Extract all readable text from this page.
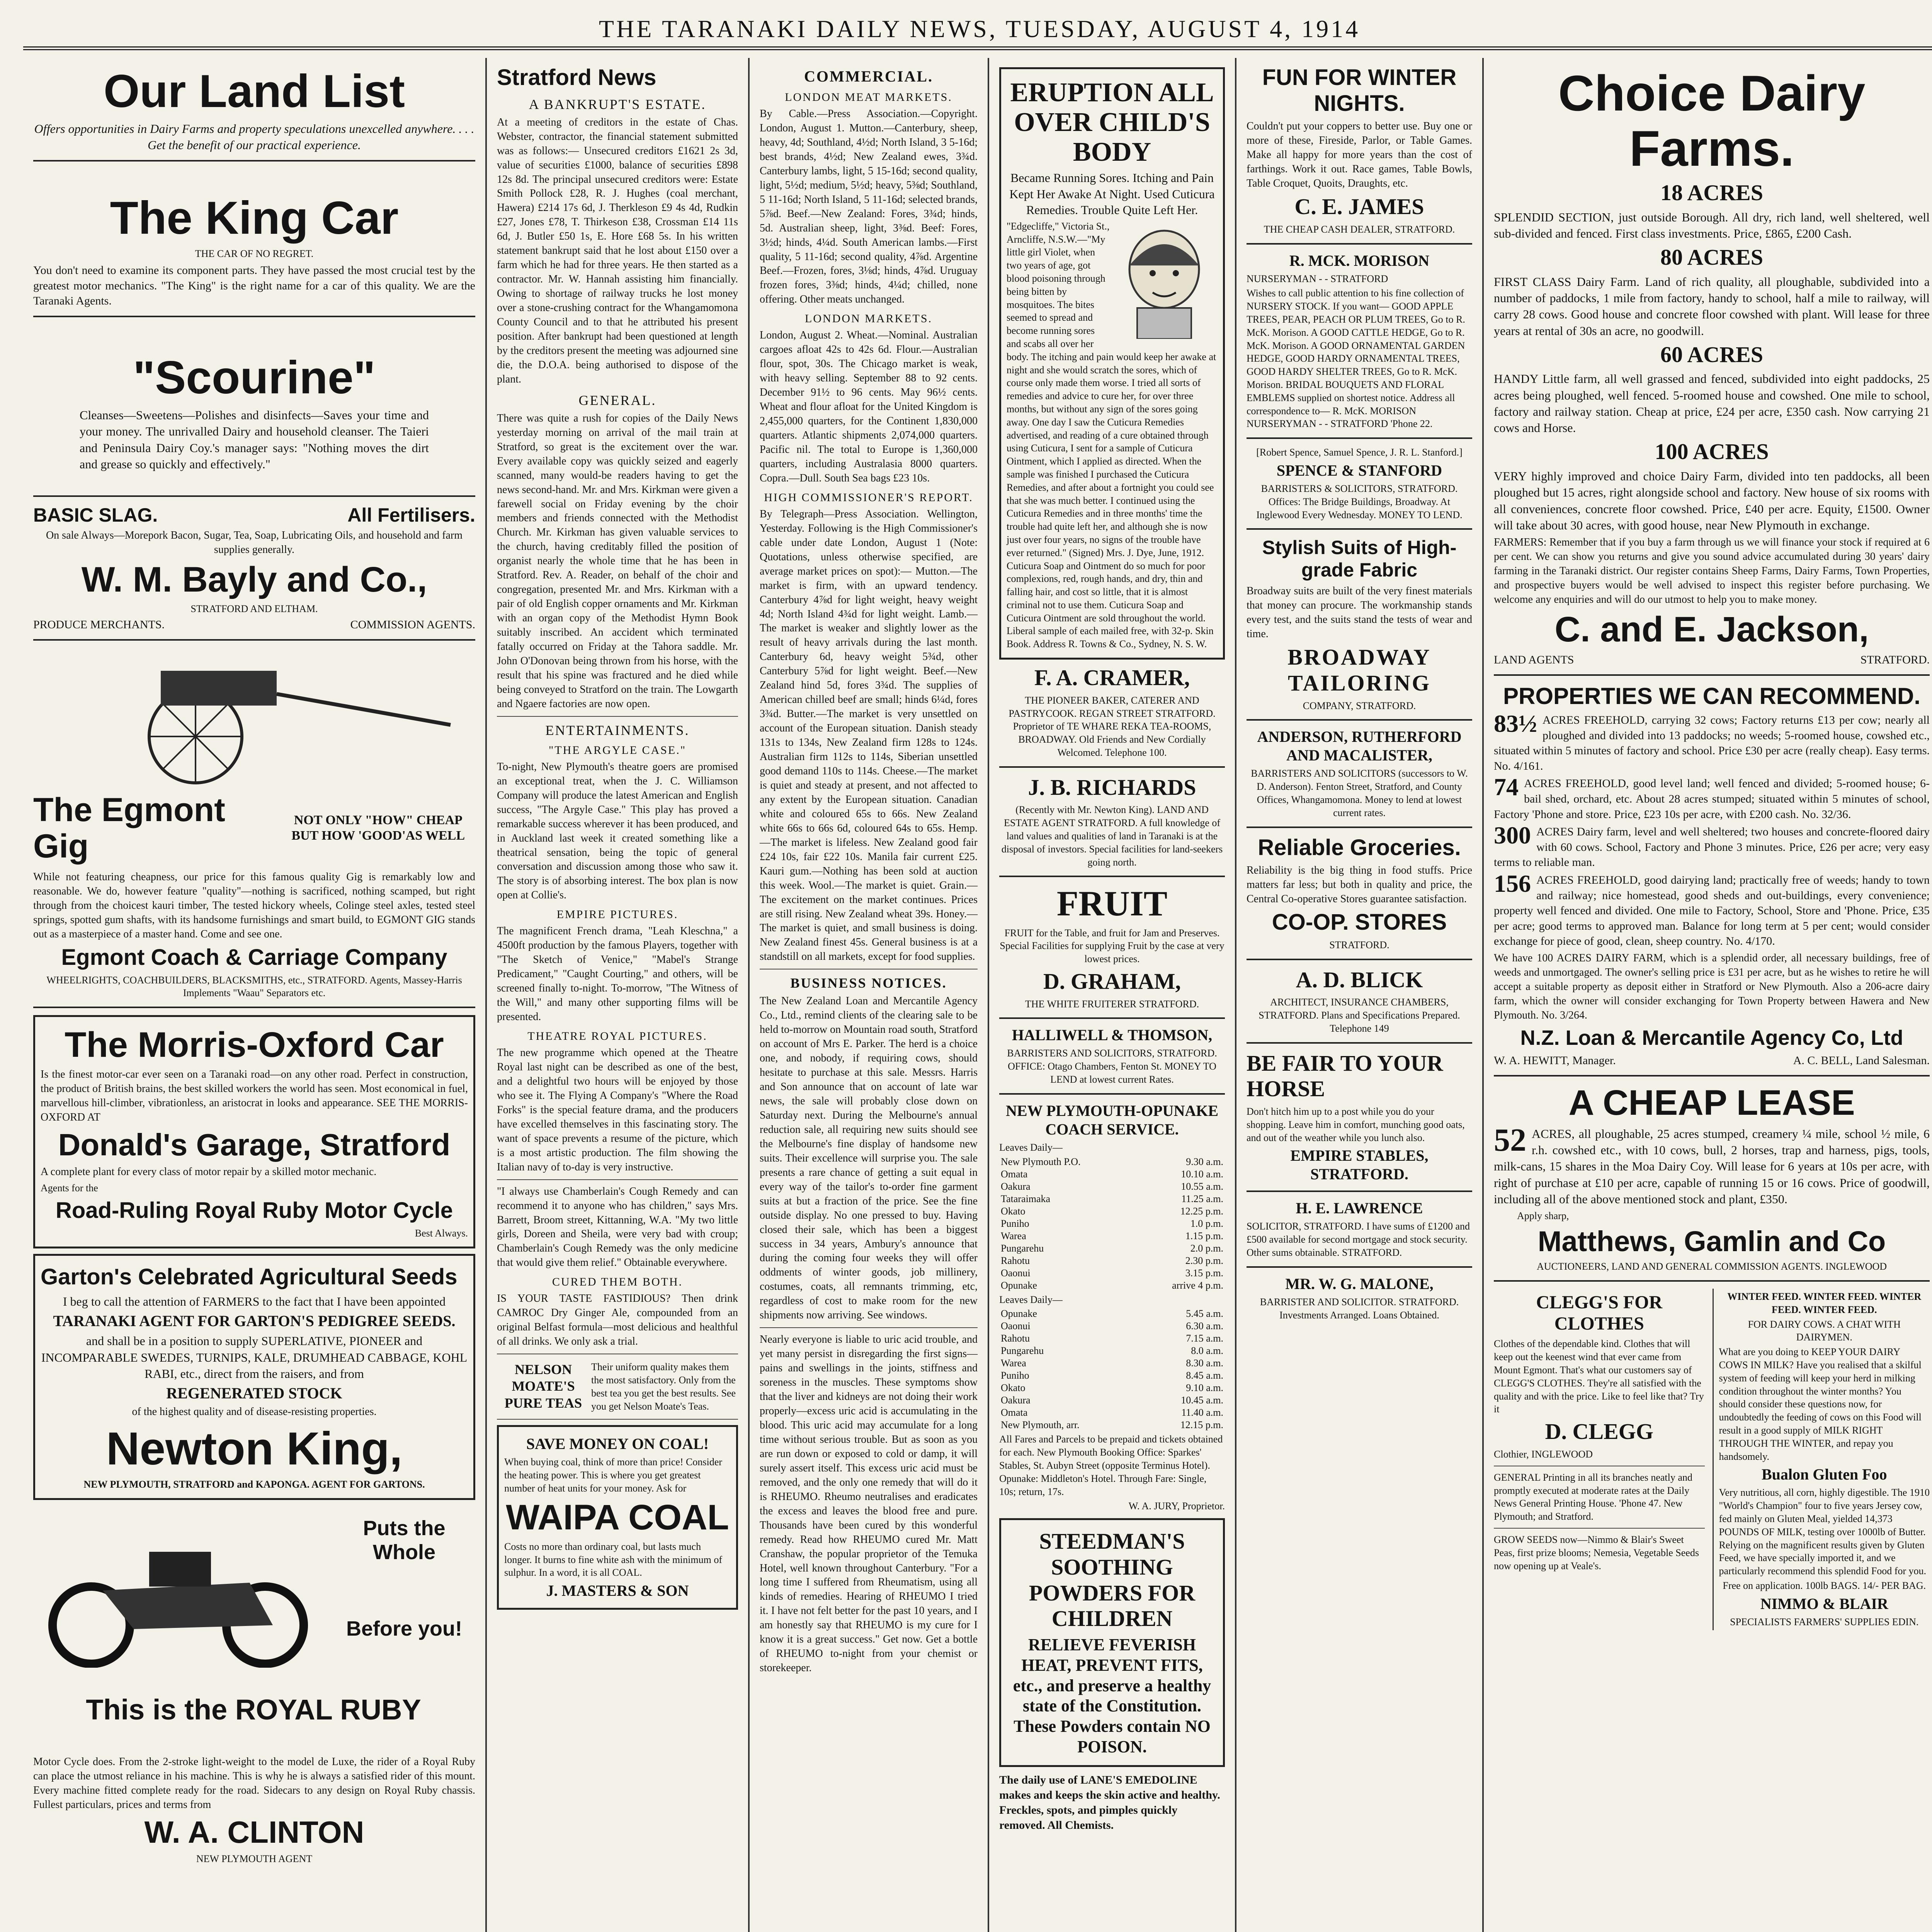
THE TARANAKI DAILY NEWS, TUESDAY, AUGUST 4, 1914
Our Land List
Offers opportunities in Dairy Farms and property speculations unexcelled anywhere. . . . Get the benefit of our practical experience.
The King Car
THE CAR OF NO REGRET.
You don't need to examine its component parts. They have passed the most crucial test by the greatest motor mechanics. "The King" is the right name for a car of this quality. We are the Taranaki Agents.
"Scourine"
Cleanses—Sweetens—Polishes and disinfects—Saves your time and your money. The unrivalled Dairy and household cleanser. The Taieri and Peninsula Dairy Coy.'s manager says: "Nothing moves the dirt and grease so quickly and effectively."
BASIC SLAG.	All Fertilisers.
On sale Always—Morepork Bacon, Sugar, Tea, Soap, Lubricating Oils, and household and farm supplies generally.
W. M. Bayly and Co.,
STRATFORD AND ELTHAM.
PRODUCE MERCHANTS.	COMMISSION AGENTS.
The Egmont Gig
NOT ONLY "HOW" CHEAP BUT HOW 'GOOD'AS WELL
While not featuring cheapness, our price for this famous quality Gig is remarkably low and reasonable. We do, however feature "quality"—nothing is sacrificed, nothing scamped, but right through from the choicest kauri timber, The tested hickory wheels, Colinge steel axles, tested steel springs, spotted gum shafts, with its handsome furnishings and smart build, to EGMONT GIG stands out as a masterpiece of a master hand. Come and see one.
Egmont Coach & Carriage Company
WHEELRIGHTS, COACHBUILDERS, BLACKSMITHS, etc., STRATFORD. Agents, Massey-Harris Implements "Waau" Separators etc.
The Morris-Oxford Car
Is the finest motor-car ever seen on a Taranaki road—on any other road. Perfect in construction, the product of British brains, the best skilled workers the world has seen. Most economical in fuel, marvellous hill-climber, vibrationless, an aristocrat in looks and appearance. SEE THE MORRIS-OXFORD AT
Donald's Garage, Stratford
A complete plant for every class of motor repair by a skilled motor mechanic.
Agents for the
Road-Ruling Royal Ruby Motor Cycle
Best Always.
Garton's Celebrated Agricultural Seeds
I beg to call the attention of FARMERS to the fact that I have been appointed
TARANAKI AGENT FOR GARTON'S PEDIGREE SEEDS.
and shall be in a position to supply SUPERLATIVE, PIONEER and INCOMPARABLE SWEDES, TURNIPS, KALE, DRUMHEAD CABBAGE, KOHL RABI, etc., direct from the raisers, and from
REGENERATED STOCK
of the highest quality and of disease-resisting properties.
Newton King,
NEW PLYMOUTH, STRATFORD and KAPONGA. AGENT FOR GARTONS.
Puts the Whole
Before you!
This is the ROYAL RUBY
Motor Cycle does. From the 2-stroke light-weight to the model de Luxe, the rider of a Royal Ruby can place the utmost reliance in his machine. This is why he is always a satisfied rider of this mount. Every machine fitted complete ready for the road. Sidecars to any design on Royal Ruby chassis. Fullest particulars, prices and terms from
W. A. CLINTON
NEW PLYMOUTH AGENT
Stratford News
A BANKRUPT'S ESTATE.
At a meeting of creditors in the estate of Chas. Webster, contractor, the financial statement submitted was as follows:— Unsecured creditors £1621 2s 3d, value of securities £1000, balance of securities £898 12s 8d. The principal unsecured creditors were: Estate Smith Pollock £28, R. J. Hughes (coal merchant, Hawera) £214 17s 6d, J. Therkleson £9 4s 4d, Rudkin £27, Jones £78, T. Thirkeson £38, Crossman £14 11s 6d, J. Butler £50 1s, E. Hore £68 5s. In his written statement bankrupt said that he lost about £150 over a farm which he had for three years. He then started as a contractor. Mr. W. Hannah assisting him financially. Owing to shortage of railway trucks he lost money over a stone-crushing contract for the Whangamomona County Council and to that he attributed his present position. After bankrupt had been questioned at length by the creditors present the meeting was adjourned sine die, the D.O.A. being authorised to dispose of the plant.
GENERAL.
There was quite a rush for copies of the Daily News yesterday morning on arrival of the mail train at Stratford, so great is the excitement over the war. Every available copy was quickly seized and eagerly scanned, many would-be readers having to get the news second-hand. Mr. and Mrs. Kirkman were given a farewell social on Friday evening by the choir members and friends connected with the Methodist Church. Mr. Kirkman has given valuable services to the church, having creditably filled the position of organist nearly the whole time that he has been in Stratford. Rev. A. Reader, on behalf of the choir and congregation, presented Mr. and Mrs. Kirkman with a pair of old English copper ornaments and Mr. Kirkman with an organ copy of the Methodist Hymn Book suitably inscribed. An accident which terminated fatally occurred on Friday at the Tahora saddle. Mr. John O'Donovan being thrown from his horse, with the result that his spine was fractured and he died while being conveyed to Stratford on the train. The Lowgarth and Ngaere factories are now open.
ENTERTAINMENTS.
"THE ARGYLE CASE."
To-night, New Plymouth's theatre goers are promised an exceptional treat, when the J. C. Williamson Company will produce the latest American and English success, "The Argyle Case." This play has proved a remarkable success wherever it has been produced, and in Auckland last week it created something like a theatrical sensation, being the topic of general conversation and discussion among those who saw it. The story is of absorbing interest. The box plan is now open at Collie's.
EMPIRE PICTURES.
The magnificent French drama, "Leah Kleschna," a 4500ft production by the famous Players, together with "The Sketch of Venice," "Mabel's Strange Predicament," "Caught Courting," and others, will be screened finally to-night. To-morrow, "The Witness of the Will," and many other supporting films will be presented.
THEATRE ROYAL PICTURES.
The new programme which opened at the Theatre Royal last night can be described as one of the best, and a delightful two hours will be enjoyed by those who see it. The Flying A Company's "Where the Road Forks" is the special feature drama, and the producers have excelled themselves in this fascinating story. The want of space prevents a resume of the picture, which is a most artistic production. The film showing the Italian navy of to-day is very instructive.
"I always use Chamberlain's Cough Remedy and can recommend it to anyone who has children," says Mrs. Barrett, Broom street, Kittanning, W.A. "My two little girls, Doreen and Sheila, were very bad with croup; Chamberlain's Cough Remedy was the only medicine that would give them relief." Obtainable everywhere.
CURED THEM BOTH.
IS YOUR TASTE FASTIDIOUS? Then drink CAMROC Dry Ginger Ale, compounded from an original Belfast formula—most delicious and healthful of all drinks. We only ask a trial.
NELSON MOATE'S PURE TEAS
Their uniform quality makes them the most satisfactory. Only from the best tea you get the best results. See you get Nelson Moate's Teas.
SAVE MONEY ON COAL!
When buying coal, think of more than price! Consider the heating power. This is where you get greatest number of heat units for your money. Ask for
WAIPA COAL
Costs no more than ordinary coal, but lasts much longer. It burns to fine white ash with the minimum of sulphur. In a word, it is all COAL.
J. MASTERS & SON
COMMERCIAL.
LONDON MEAT MARKETS.
By Cable.—Press Association.—Copyright. London, August 1. Mutton.—Canterbury, sheep, heavy, 4d; Southland, 4½d; North Island, 3 5-16d; best brands, 4½d; New Zealand ewes, 3¾d. Canterbury lambs, light, 5 15-16d; second quality, light, 5½d; medium, 5½d; heavy, 5⅜d; Southland, 5 11-16d; North Island, 5 11-16d; selected brands, 5⅞d. Beef.—New Zealand: Fores, 3¾d; hinds, 5d. Australian sheep, light, 3⅜d. Beef: Fores, 3½d; hinds, 4¼d. South American lambs.—First quality, 5 11-16d; second quality, 4⅞d. Argentine Beef.—Frozen, fores, 3⅛d; hinds, 4⅞d. Uruguay frozen fores, 3⅜d; hinds, 4¼d; chilled, none offering. Other meats unchanged.
LONDON MARKETS.
London, August 2. Wheat.—Nominal. Australian cargoes afloat 42s to 42s 6d. Flour.—Australian flour, spot, 30s. The Chicago market is weak, with heavy selling. September 88 to 92 cents. December 91½ to 96 cents. May 96½ cents. Wheat and flour afloat for the United Kingdom is 2,455,000 quarters, for the Continent 1,830,000 quarters. Atlantic shipments 2,074,000 quarters. Pacific nil. The total to Europe is 1,360,000 quarters, including Australasia 8000 quarters. Copra.—Dull. South Sea bags £23 10s.
HIGH COMMISSIONER'S REPORT.
By Telegraph—Press Association. Wellington, Yesterday. Following is the High Commissioner's cable under date London, August 1 (Note: Quotations, unless otherwise specified, are average market prices on spot):— Mutton.—The market is firm, with an upward tendency. Canterbury 4⅞d for light weight, heavy weight 4d; North Island 4¾d for light weight. Lamb.—The market is weaker and slightly lower as the result of heavy arrivals during the last month. Canterbury 6d, heavy weight 5¾d, other Canterbury 5⅞d for light weight. Beef.—New Zealand hind 5d, fores 3¾d. The supplies of American chilled beef are small; hinds 6¼d, fores 3¾d. Butter.—The market is very unsettled on account of the European situation. Danish steady 131s to 134s, New Zealand firm 128s to 124s. Australian firm 112s to 114s, Siberian unsettled good demand 110s to 114s. Cheese.—The market is quiet and steady at present, and not affected to any extent by the European situation. Canadian white and coloured 65s to 66s. New Zealand white 66s to 66s 6d, coloured 64s to 65s. Hemp.—The market is lifeless. New Zealand good fair £24 10s, fair £22 10s. Manila fair current £25. Kauri gum.—Nothing has been sold at auction this week. Wool.—The market is quiet. Grain.—The excitement on the market continues. Prices are still rising. New Zealand wheat 39s. Honey.—The market is quiet, and small business is doing. New Zealand finest 45s. General business is at a standstill on all markets, except for food supplies.
BUSINESS NOTICES.
The New Zealand Loan and Mercantile Agency Co., Ltd., remind clients of the clearing sale to be held to-morrow on Mountain road south, Stratford on account of Mrs E. Parker. The herd is a choice one, and nobody, if requiring cows, should hesitate to purchase at this sale. Messrs. Harris and Son announce that on account of late war news, the sale will probably close down on Saturday next. During the Melbourne's annual reduction sale, all requiring new suits should see the Melbourne's fine display of handsome new suits. Their excellence will surprise you. The sale presents a rare chance of getting a suit equal in every way of the tailor's to-order fine garment suits at but a fraction of the price. See the fine outside display. No one pressed to buy. Having closed their sale, which has been a biggest success in 34 years, Ambury's announce that during the coming four weeks they will offer oddments of winter goods, job millinery, costumes, coats, all remnants trimming, etc, regardless of cost to make room for the new shipments now arriving. See windows.
Nearly everyone is liable to uric acid trouble, and yet many persist in disregarding the first signs—pains and swellings in the joints, stiffness and soreness in the muscles. These symptoms show that the liver and kidneys are not doing their work properly—excess uric acid is accumulating in the blood. This uric acid may accumulate for a long time without serious trouble. But as soon as you are run down or exposed to cold or damp, it will surely assert itself. This excess uric acid must be removed, and the only one remedy that will do it is RHEUMO. Rheumo neutralises and eradicates the excess and leaves the blood free and pure. Thousands have been cured by this wonderful remedy. Read how RHEUMO cured Mr. Matt Cranshaw, the popular proprietor of the Temuka Hotel, well known throughout Canterbury. "For a long time I suffered from Rheumatism, using all kinds of remedies. Hearing of RHEUMO I tried it. I have not felt better for the past 10 years, and I am honestly say that RHEUMO is my cure for I know it is a great success." Get now. Get a bottle of RHEUMO to-night from your chemist or storekeeper.
ERUPTION ALL OVER CHILD'S BODY
Became Running Sores. Itching and Pain Kept Her Awake At Night. Used Cuticura Remedies. Trouble Quite Left Her.
"Edgecliffe," Victoria St., Arncliffe, N.S.W.—"My little girl Violet, when two years of age, got blood poisoning through being bitten by mosquitoes. The bites seemed to spread and become running sores and scabs all over her body. The itching and pain would keep her awake at night and she would scratch the sores, which of course only made them worse. I tried all sorts of remedies and advice to cure her, for over three months, but without any sign of the sores going away. One day I saw the Cuticura Remedies advertised, and reading of a cure obtained through using Cuticura, I sent for a sample of Cuticura Ointment, which I applied as directed. When the sample was finished I purchased the Cuticura Remedies, and after about a fortnight you could see that she was much better. I continued using the Cuticura Remedies and in three months' time the trouble had quite left her, and although she is now just over four years, no signs of the trouble have ever returned." (Signed) Mrs. J. Dye, June, 1912. Cuticura Soap and Ointment do so much for poor complexions, red, rough hands, and dry, thin and falling hair, and cost so little, that it is almost criminal not to use them. Cuticura Soap and Cuticura Ointment are sold throughout the world. Liberal sample of each mailed free, with 32-p. Skin Book. Address R. Towns & Co., Sydney, N. S. W.
F. A. CRAMER,
THE PIONEER BAKER, CATERER AND PASTRYCOOK. REGAN STREET STRATFORD. Proprietor of TE WHARE REKA TEA-ROOMS, BROADWAY. Old Friends and New Cordially Welcomed. Telephone 100.
J. B. RICHARDS
(Recently with Mr. Newton King). LAND AND ESTATE AGENT STRATFORD. A full knowledge of land values and qualities of land in Taranaki is at the disposal of investors. Special facilities for land-seekers going north.
FRUIT
FRUIT for the Table, and fruit for Jam and Preserves. Special Facilities for supplying Fruit by the case at very lowest prices.
D. GRAHAM,
THE WHITE FRUITERER STRATFORD.
HALLIWELL & THOMSON,
BARRISTERS AND SOLICITORS, STRATFORD. OFFICE: Otago Chambers, Fenton St. MONEY TO LEND at lowest current Rates.
NEW PLYMOUTH-OPUNAKE COACH SERVICE.
Leaves Daily—
New Plymouth P.O.	9.30 a.m.
Omata	10.10 a.m.
Oakura	10.55 a.m.
Tataraimaka	11.25 a.m.
Okato	12.25 p.m.
Puniho	1.0 p.m.
Warea	1.15 p.m.
Pungarehu	2.0 p.m.
Rahotu	2.30 p.m.
Oaonui	3.15 p.m.
Opunake	arrive 4 p.m.
Leaves Daily—
Opunake	5.45 a.m.
Oaonui	6.30 a.m.
Rahotu	7.15 a.m.
Pungarehu	8.0 a.m.
Warea	8.30 a.m.
Puniho	8.45 a.m.
Okato	9.10 a.m.
Oakura	10.45 a.m.
Omata	11.40 a.m.
New Plymouth, arr.	12.15 p.m.
All Fares and Parcels to be prepaid and tickets obtained for each. New Plymouth Booking Office: Sparkes' Stables, St. Aubyn Street (opposite Terminus Hotel). Opunake: Middleton's Hotel. Through Fare: Single, 10s; return, 17s.
W. A. JURY, Proprietor.
STEEDMAN'S SOOTHING POWDERS FOR CHILDREN
RELIEVE FEVERISH HEAT, PREVENT FITS, etc., and preserve a healthy state of the Constitution. These Powders contain NO POISON.
The daily use of LANE'S EMEDOLINE makes and keeps the skin active and healthy. Freckles, spots, and pimples quickly removed. All Chemists.
FUN FOR WINTER NIGHTS.
Couldn't put your coppers to better use. Buy one or more of these, Fireside, Parlor, or Table Games. Make all happy for more years than the cost of farthings. Work it out. Race games, Table Bowls, Table Croquet, Quoits, Draughts, etc.
C. E. JAMES
THE CHEAP CASH DEALER, STRATFORD.
R. MCK. MORISON
NURSERYMAN - - STRATFORD
Wishes to call public attention to his fine collection of NURSERY STOCK. If you want— GOOD APPLE TREES, PEAR, PEACH OR PLUM TREES, Go to R. McK. Morison. A GOOD CATTLE HEDGE, Go to R. McK. Morison. A GOOD ORNAMENTAL GARDEN HEDGE, GOOD HARDY ORNAMENTAL TREES, GOOD HARDY SHELTER TREES, Go to R. McK. Morison. BRIDAL BOUQUETS AND FLORAL EMBLEMS supplied on shortest notice. Address all correspondence to— R. McK. MORISON NURSERYMAN - - STRATFORD 'Phone 22.
[Robert Spence, Samuel Spence, J. R. L. Stanford.]
SPENCE & STANFORD
BARRISTERS & SOLICITORS, STRATFORD. Offices: The Bridge Buildings, Broadway. At Inglewood Every Wednesday. MONEY TO LEND.
Stylish Suits of High-grade Fabric
Broadway suits are built of the very finest materials that money can procure. The workmanship stands every test, and the suits stand the tests of wear and time.
BROADWAY TAILORING
COMPANY, STRATFORD.
ANDERSON, RUTHERFORD AND MACALISTER,
BARRISTERS AND SOLICITORS (successors to W. D. Anderson). Fenton Street, Stratford, and County Offices, Whangamomona. Money to lend at lowest current rates.
Reliable Groceries.
Reliability is the big thing in food stuffs. Price matters far less; but both in quality and price, the Central Co-operative Stores guarantee satisfaction.
CO-OP. STORES
STRATFORD.
A. D. BLICK
ARCHITECT, INSURANCE CHAMBERS, STRATFORD. Plans and Specifications Prepared. Telephone 149
BE FAIR TO YOUR HORSE
Don't hitch him up to a post while you do your shopping. Leave him in comfort, munching good oats, and out of the weather while you lunch also.
EMPIRE STABLES, STRATFORD.
H. E. LAWRENCE
SOLICITOR, STRATFORD. I have sums of £1200 and £500 available for second mortgage and stock security. Other sums obtainable. STRATFORD.
MR. W. G. MALONE,
BARRISTER AND SOLICITOR. STRATFORD. Investments Arranged. Loans Obtained.
Choice Dairy Farms.
18 ACRES
SPLENDID SECTION, just outside Borough. All dry, rich land, well sheltered, well sub-divided and fenced. First class investments. Price, £865, £200 Cash.
80 ACRES
FIRST CLASS Dairy Farm. Land of rich quality, all ploughable, subdivided into a number of paddocks, 1 mile from factory, handy to school, half a mile to railway, will carry 28 cows. Good house and concrete floor cowshed with plant. Will lease for three years at rental of 30s an acre, no goodwill.
60 ACRES
HANDY Little farm, all well grassed and fenced, subdivided into eight paddocks, 25 acres being ploughed, well fenced. 5-roomed house and cowshed. One mile to school, factory and railway station. Cheap at price, £24 per acre, £350 cash. Now carrying 21 cows and Horse.
100 ACRES
VERY highly improved and choice Dairy Farm, divided into ten paddocks, all been ploughed but 15 acres, right alongside school and factory. New house of six rooms with all conveniences, concrete floor cowshed. Price, £40 per acre. Equity, £1500. Owner will take about 30 acres, with good house, near New Plymouth in exchange.
FARMERS: Remember that if you buy a farm through us we will finance your stock if required at 6 per cent. We can show you returns and give you sound advice accumulated during 30 years' dairy farming in the Taranaki district. Our register contains Sheep Farms, Dairy Farms, Town Properties, and prospective buyers would be well advised to inspect this register before purchasing. We welcome any enquiries and will do our utmost to help you to make money.
C. and E. Jackson,
LAND AGENTS	STRATFORD.
PROPERTIES WE CAN RECOMMEND.
83½ ACRES FREEHOLD, carrying 32 cows; Factory returns £13 per cow; nearly all ploughed and divided into 13 paddocks; no weeds; 5-roomed house, cowshed etc., situated within 5 minutes of factory and school. Price £30 per acre (really cheap). Easy terms. No. 4/161.
74 ACRES FREEHOLD, good level land; well fenced and divided; 5-roomed house; 6-bail shed, orchard, etc. About 28 acres stumped; situated within 5 minutes of school, Factory 'Phone and store. Price, £23 10s per acre, with £200 cash. No. 32/36.
300 ACRES Dairy farm, level and well sheltered; two houses and concrete-floored dairy with 60 cows. School, Factory and Phone 3 minutes. Price, £26 per acre; very easy terms to reliable man.
156 ACRES FREEHOLD, good dairying land; practically free of weeds; handy to town and railway; nice homestead, good sheds and out-buildings, every convenience; property well fenced and divided. One mile to Factory, School, Store and 'Phone. Price, £35 per acre; good terms to approved man. Balance for long term at 5 per cent; would consider exchange for piece of good, clean, sheep country. No. 4/170.
We have 100 ACRES DAIRY FARM, which is a splendid order, all necessary buildings, free of weeds and unmortgaged. The owner's selling price is £31 per acre, but as he wishes to retire he will accept a suitable property as deposit either in Stratford or New Plymouth. Also a 206-acre dairy farm, which the owner will consider exchanging for Town Property between Hawera and New Plymouth. No. 3/264.
N.Z. Loan & Mercantile Agency Co, Ltd
W. A. HEWITT, Manager.	A. C. BELL, Land Salesman.
A CHEAP LEASE
52 ACRES, all ploughable, 25 acres stumped, creamery ¼ mile, school ½ mile, 6 r.h. cowshed etc., with 10 cows, bull, 2 horses, trap and harness, pigs, tools, milk-cans, 15 shares in the Moa Dairy Coy. Will lease for 6 years at 10s per acre, with right of purchase at £10 per acre, capable of running 15 or 16 cows. Price of goodwill, including all of the above mentioned stock and plant, £350.
Apply sharp,
Matthews, Gamlin and Co
AUCTIONEERS, LAND AND GENERAL COMMISSION AGENTS. INGLEWOOD
CLEGG'S FOR CLOTHES
Clothes of the dependable kind. Clothes that will keep out the keenest wind that ever came from Mount Egmont. That's what our customers say of CLEGG'S CLOTHES. They're all satisfied with the quality and with the price. Like to feel like that? Try it
D. CLEGG
Clothier, INGLEWOOD
GENERAL Printing in all its branches neatly and promptly executed at moderate rates at the Daily News General Printing House. 'Phone 47. New Plymouth; and Stratford.
GROW SEEDS now—Nimmo & Blair's Sweet Peas, first prize blooms; Nemesia, Vegetable Seeds now opening up at Veale's.
WINTER FEED. WINTER FEED. WINTER FEED. WINTER FEED.
FOR DAIRY COWS. A CHAT WITH DAIRYMEN.
What are you doing to KEEP YOUR DAIRY COWS IN MILK? Have you realised that a skilful system of feeding will keep your herd in milking condition throughout the winter months? You should consider these questions now, for undoubtedly the feeding of cows on this Food will result in a good supply of MILK RIGHT THROUGH THE WINTER, and repay you handsomely.
Bualon Gluten Foo
Very nutritious, all corn, highly digestible. The 1910 "World's Champion" four to five years Jersey cow, fed mainly on Gluten Meal, yielded 14,373 POUNDS OF MILK, testing over 1000lb of Butter. Relying on the magnificent results given by Gluten Feed, we have specially imported it, and we particularly recommend this splendid Food for you.
Free on application. 100lb BAGS. 14/- PER BAG.
NIMMO & BLAIR
SPECIALISTS FARMERS' SUPPLIES EDIN.
